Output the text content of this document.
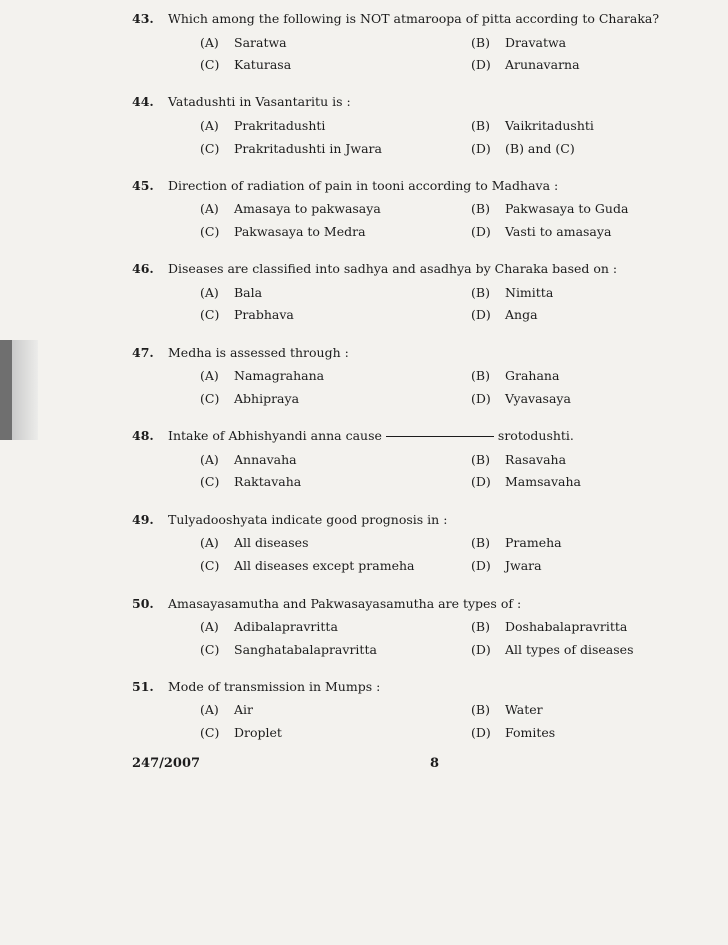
43. Which among the following is NOT atmaroopa of pitta according to Charaka?
(A) Saratwa	(B) Dravatwa
(C) Katurasa	(D) Arunavarna
44. Vatadushti in Vasantaritu is :
(A) Prakritadushti	(B) Vaikritadushti
(C) Prakritadushti in Jwara	(D) (B) and (C)
45. Direction of radiation of pain in tooni according to Madhava :
(A) Amasaya to pakwasaya	(B) Pakwasaya to Guda
(C) Pakwasaya to Medra	(D) Vasti to amasaya
46. Diseases are classified into sadhya and asadhya by Charaka based on :
(A) Bala	(B) Nimitta
(C) Prabhava	(D) Anga
47. Medha is assessed through :
(A) Namagrahana	(B) Grahana
(C) Abhipraya	(D) Vyavasaya
48. Intake of Abhishyandi anna cause	srotodushti.
(A) Annavaha	(B) Rasavaha
(C) Raktavaha	(D) Mamsavaha
49. Tulyadooshyata indicate good prognosis in :
(A) All diseases	(B) Prameha
(C) All diseases except prameha	(D) Jwara
50. Amasayasamutha and Pakwasayasamutha are types of :
(A) Adibalapravritta	(B) Doshabalapravritta
(C) Sanghatabalapravritta	(D) All types of diseases
51. Mode of transmission in Mumps :
(A) Air	(B) Water
(C) Droplet	(D) Fomites
247/2007	8
